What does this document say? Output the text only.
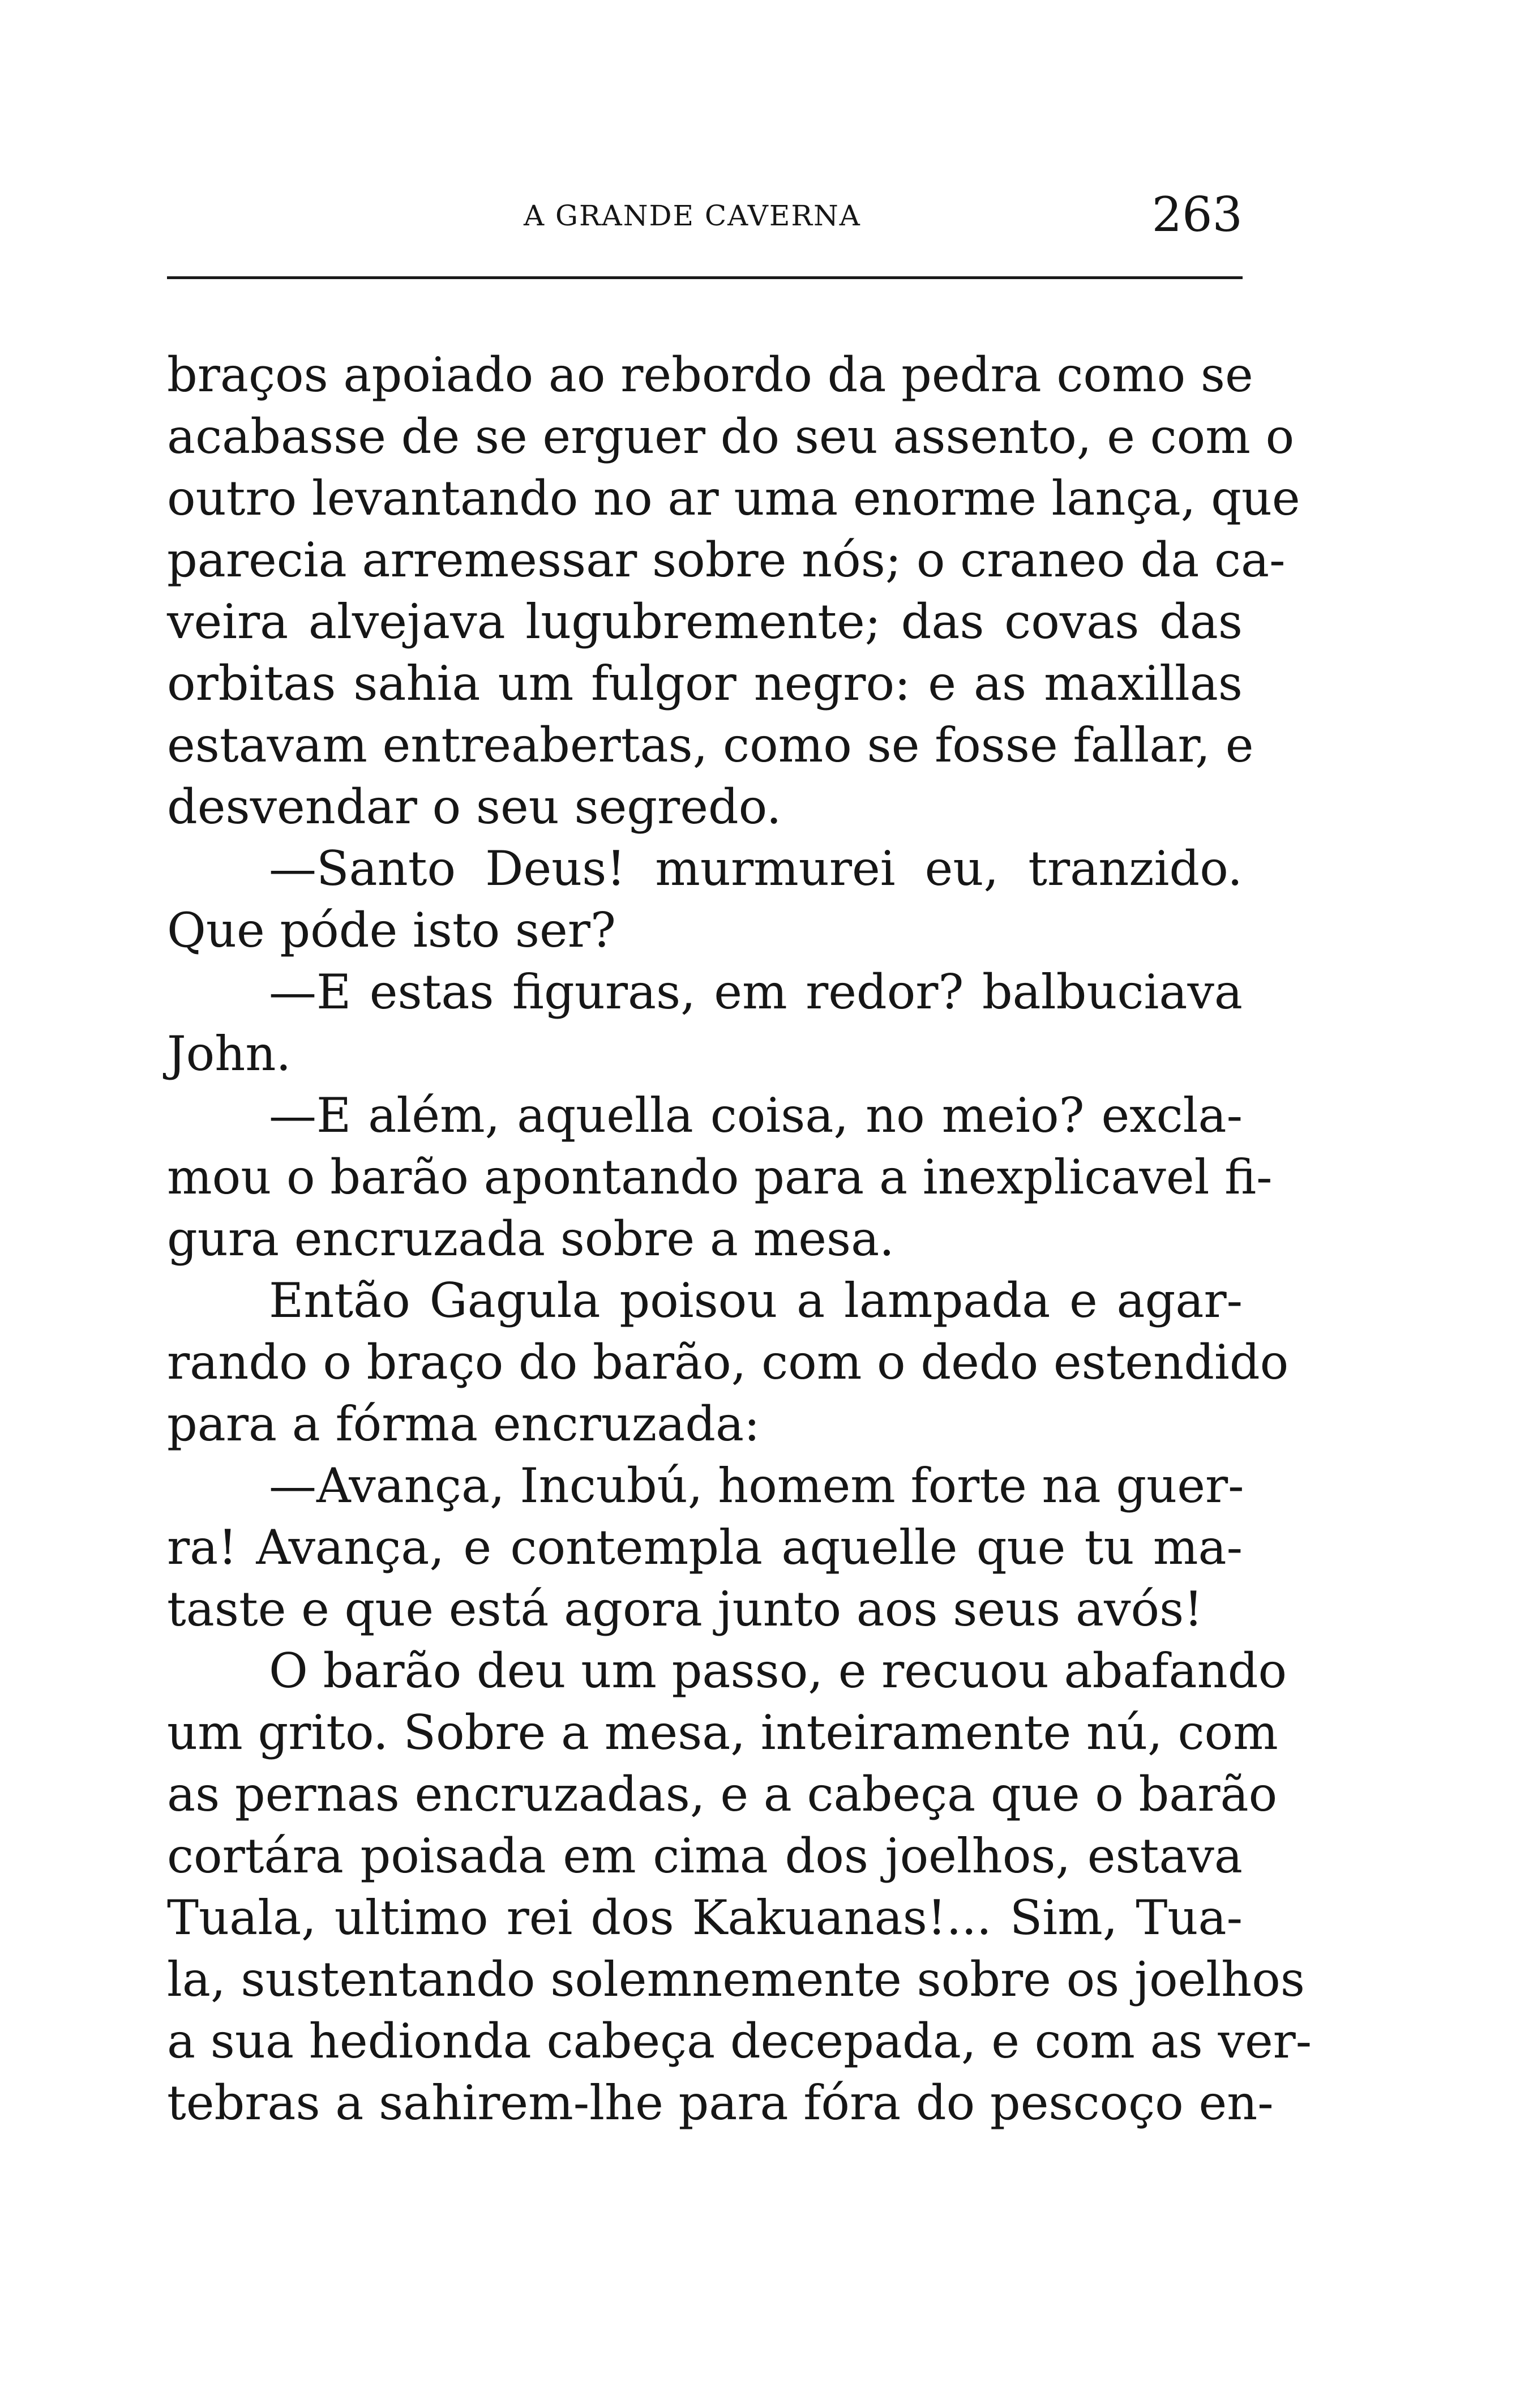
A GRANDE CAVERNA	263
braços apoiado ao rebordo da pedra como se
acabasse de se erguer do seu assento, e com o
outro levantando no ar uma enorme lança, que
parecia arremessar sobre nós; o craneo da ca-
veira alvejava lugubremente; das covas das
orbitas sahia um fulgor negro: e as maxillas
estavam entreabertas, como se fosse fallar, e
desvendar o seu segredo.
—Santo Deus! murmurei eu, tranzido.
Que póde isto ser?
—E estas figuras, em redor? balbuciava
John.
—E além, aquella coisa, no meio? excla-
mou o barão apontando para a inexplicavel fi-
gura encruzada sobre a mesa.
Então Gagula poisou a lampada e agar-
rando o braço do barão, com o dedo estendido
para a fórma encruzada:
—Avança, Incubú, homem forte na guer-
ra! Avança, e contempla aquelle que tu ma-
taste e que está agora junto aos seus avós!
O barão deu um passo, e recuou abafando
um grito. Sobre a mesa, inteiramente nú, com
as pernas encruzadas, e a cabeça que o barão
cortára poisada em cima dos joelhos, estava
Tuala, ultimo rei dos Kakuanas!... Sim, Tua-
la, sustentando solemnemente sobre os joelhos
a sua hedionda cabeça decepada, e com as ver-
tebras a sahirem-lhe para fóra do pescoço en-
